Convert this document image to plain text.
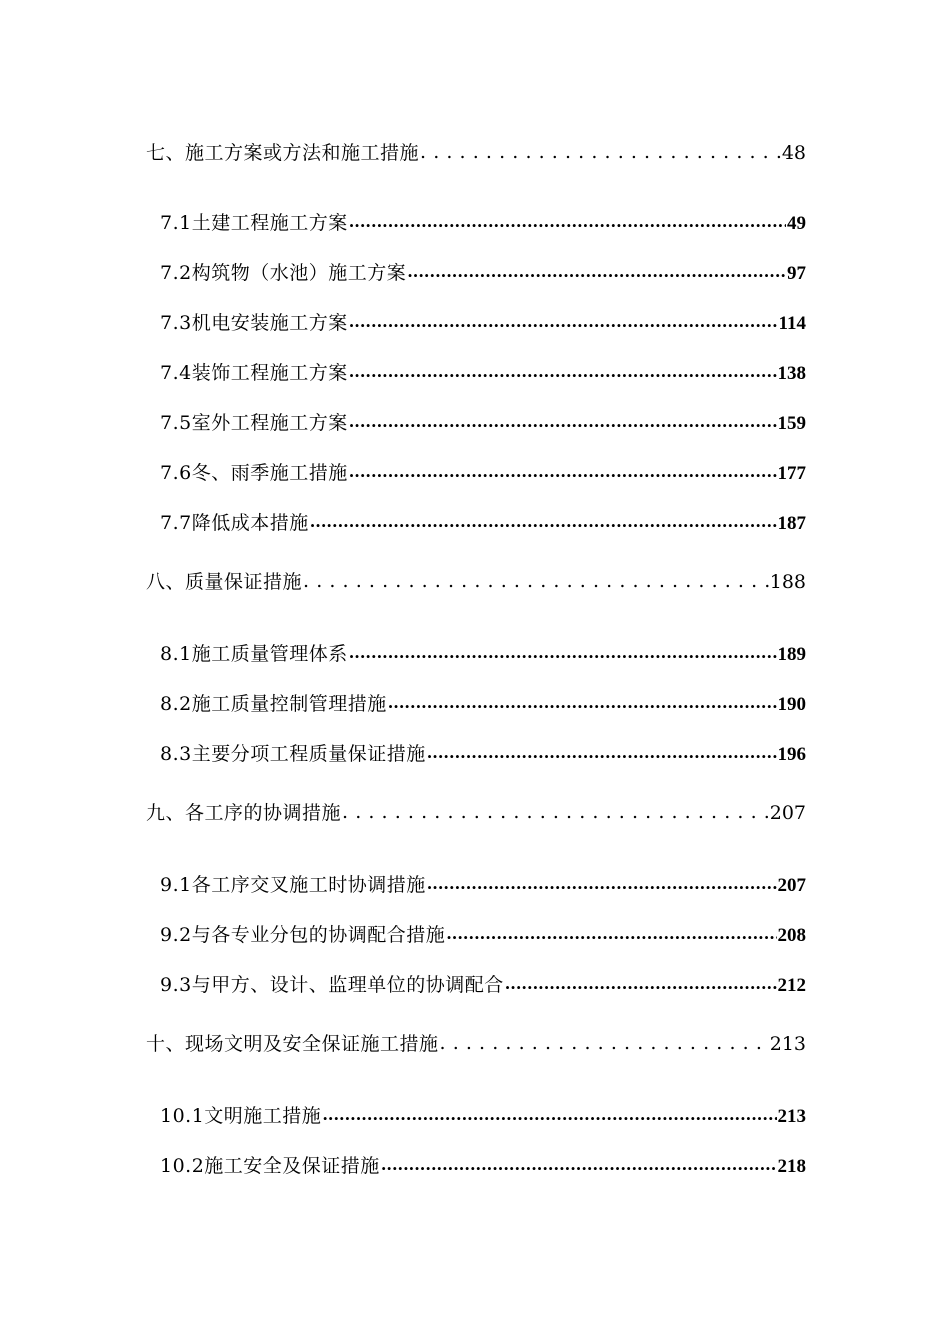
七、施工方案或方法和施工措施 . . .	48
7.1土建工程施工方案 .....	49
7.2构筑物（水池）施工方案 .....	97
7.3机电安装施工方案 .....	114
7.4装饰工程施工方案 .....	138
7.5室外工程施工方案 .....	159
7.6冬、雨季施工措施 .....	177
7.7降低成本措施 .....	187
八、质量保证措施 . . .	188
8.1施工质量管理体系 .....	189
8.2施工质量控制管理措施 .....	190
8.3主要分项工程质量保证措施 .....	196
九、各工序的协调措施 . . .	207
9.1各工序交叉施工时协调措施 .....	207
9.2与各专业分包的协调配合措施 .....	208
9.3与甲方、设计、监理单位的协调配合 .....	212
十、现场文明及安全保证施工措施 . . .	213
10.1文明施工措施 .....	213
10.2施工安全及保证措施 .....	218
